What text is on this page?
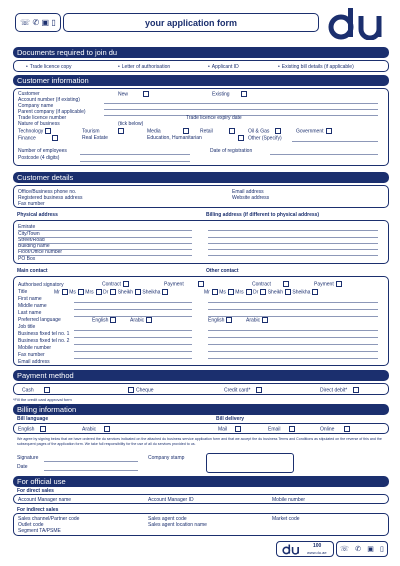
☏ ✆ ▣ ▯	your application form
Documents required to join du
• Trade licence copy	• Letter of authorisation	• Applicant ID	• Existing bill details (if applicable)
Customer information
Customer	New	Existing
Account number (if existing)
Company name
Parent company (if applicable)
Trade licence number	Trade licence expiry date
Nature of business	(tick below)
Technology	Tourism	Media	Retail	Oil & Gas	Government
Finance	Real Estate	Education, Humanitarian	Other (Specify)
Number of employees	Date of registration
Postcode (4 digits)
Customer details
Office/Business phone no.	Email address
Registered business address	Website address
Fax number
Physical address	Billing address (if different to physical address)
Emirate
City/Town
Street/Road
Building name
Floor/Office number
PO Box
Main contact	Other contact
Authorised signatory	Contract	Payment	Contract	Payment
Title	Mr Ms Mrs Dr Sheikh Sheikha	Mr Ms Mrs Dr Sheikh Sheikha
First name
Middle name
Last name
Preferred language	English	Arabic	English	Arabic
Job title
Business fixed tel no. 1
Business fixed tel no. 2
Mobile number
Fax number
Email address
Payment method
Cash	Cheque	Credit card*	Direct debit*
*Fill the credit card approval form
Billing information
Bill language	Bill delivery
English	Arabic	Mail	Email	Online
We agree by signing below that we have ordered the du services indicated on the attached du business service application form and that we accept the du business Terms and Conditions as stipulated on the reverse of this and the subsequent pages of the application form. We take full responsibility for the use of all du services provided to us.
Signature	Company stamp
Date
For official use
For direct sales
Account Manager name	Account Manager ID	Mobile number
For indirect sales
Sales channel/Partner code	Sales agent code	Market code
Outlet code	Sales agent location name
Segment TA/PSME
100
www.du.ae ☏ ✆ ▣ ▯
